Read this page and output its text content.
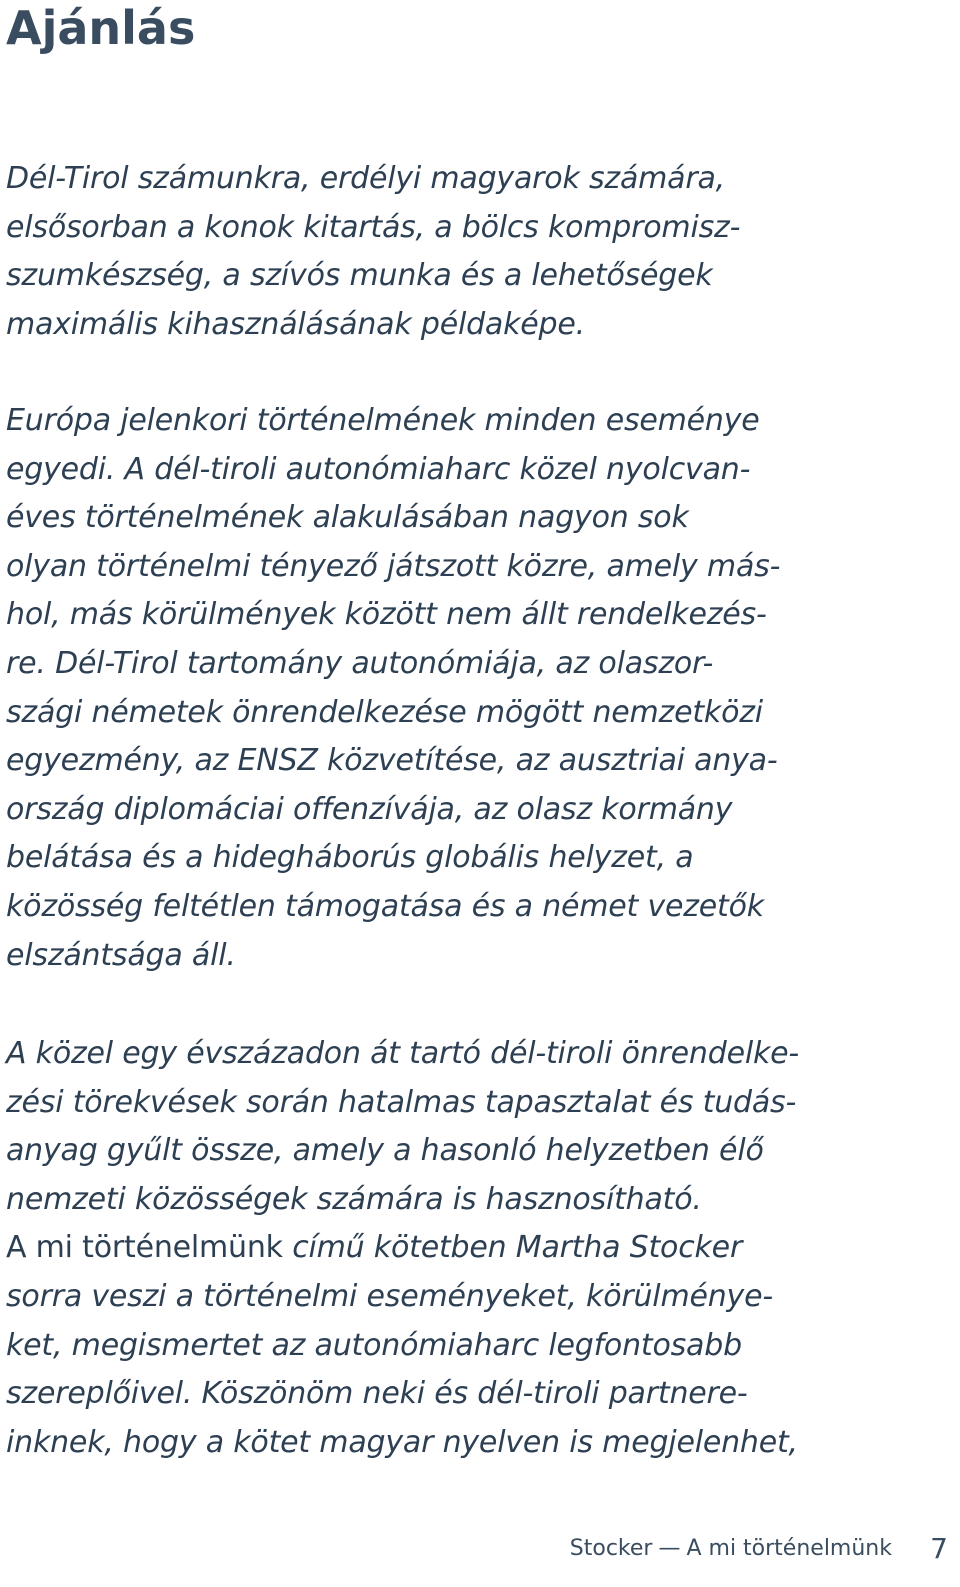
Ajánlás
Dél-Tirol számunkra, erdélyi magyarok számára,
elsősorban a konok kitartás, a bölcs kompromisz-
szumkészség, a szívós munka és a lehetőségek
maximális kihasználásának példaképe.
Európa jelenkori történelmének minden eseménye
egyedi. A dél-tiroli autonómiaharc közel nyolcvan-
éves történelmének alakulásában nagyon sok
olyan történelmi tényező játszott közre, amely más-
hol, más körülmények között nem állt rendelkezés-
re. Dél-Tirol tartomány autonómiája, az olaszor-
szági németek önrendelkezése mögött nemzetközi
egyezmény, az ENSZ közvetítése, az ausztriai anya-
ország diplomáciai offenzívája, az olasz kormány
belátása és a hidegháborús globális helyzet, a
közösség feltétlen támogatása és a német vezetők
elszántsága áll.
A közel egy évszázadon át tartó dél-tiroli önrendelke-
zési törekvések során hatalmas tapasztalat és tudás-
anyag gyűlt össze, amely a hasonló helyzetben élő
nemzeti közösségek számára is hasznosítható.
A mi történelmünk című kötetben Martha Stocker
sorra veszi a történelmi eseményeket, körülménye-
ket, megismertet az autonómiaharc legfontosabb
szereplőivel. Köszönöm neki és dél-tiroli partnere-
inknek, hogy a kötet magyar nyelven is megjelenhet,
Stocker — A mi történelmünk 7
